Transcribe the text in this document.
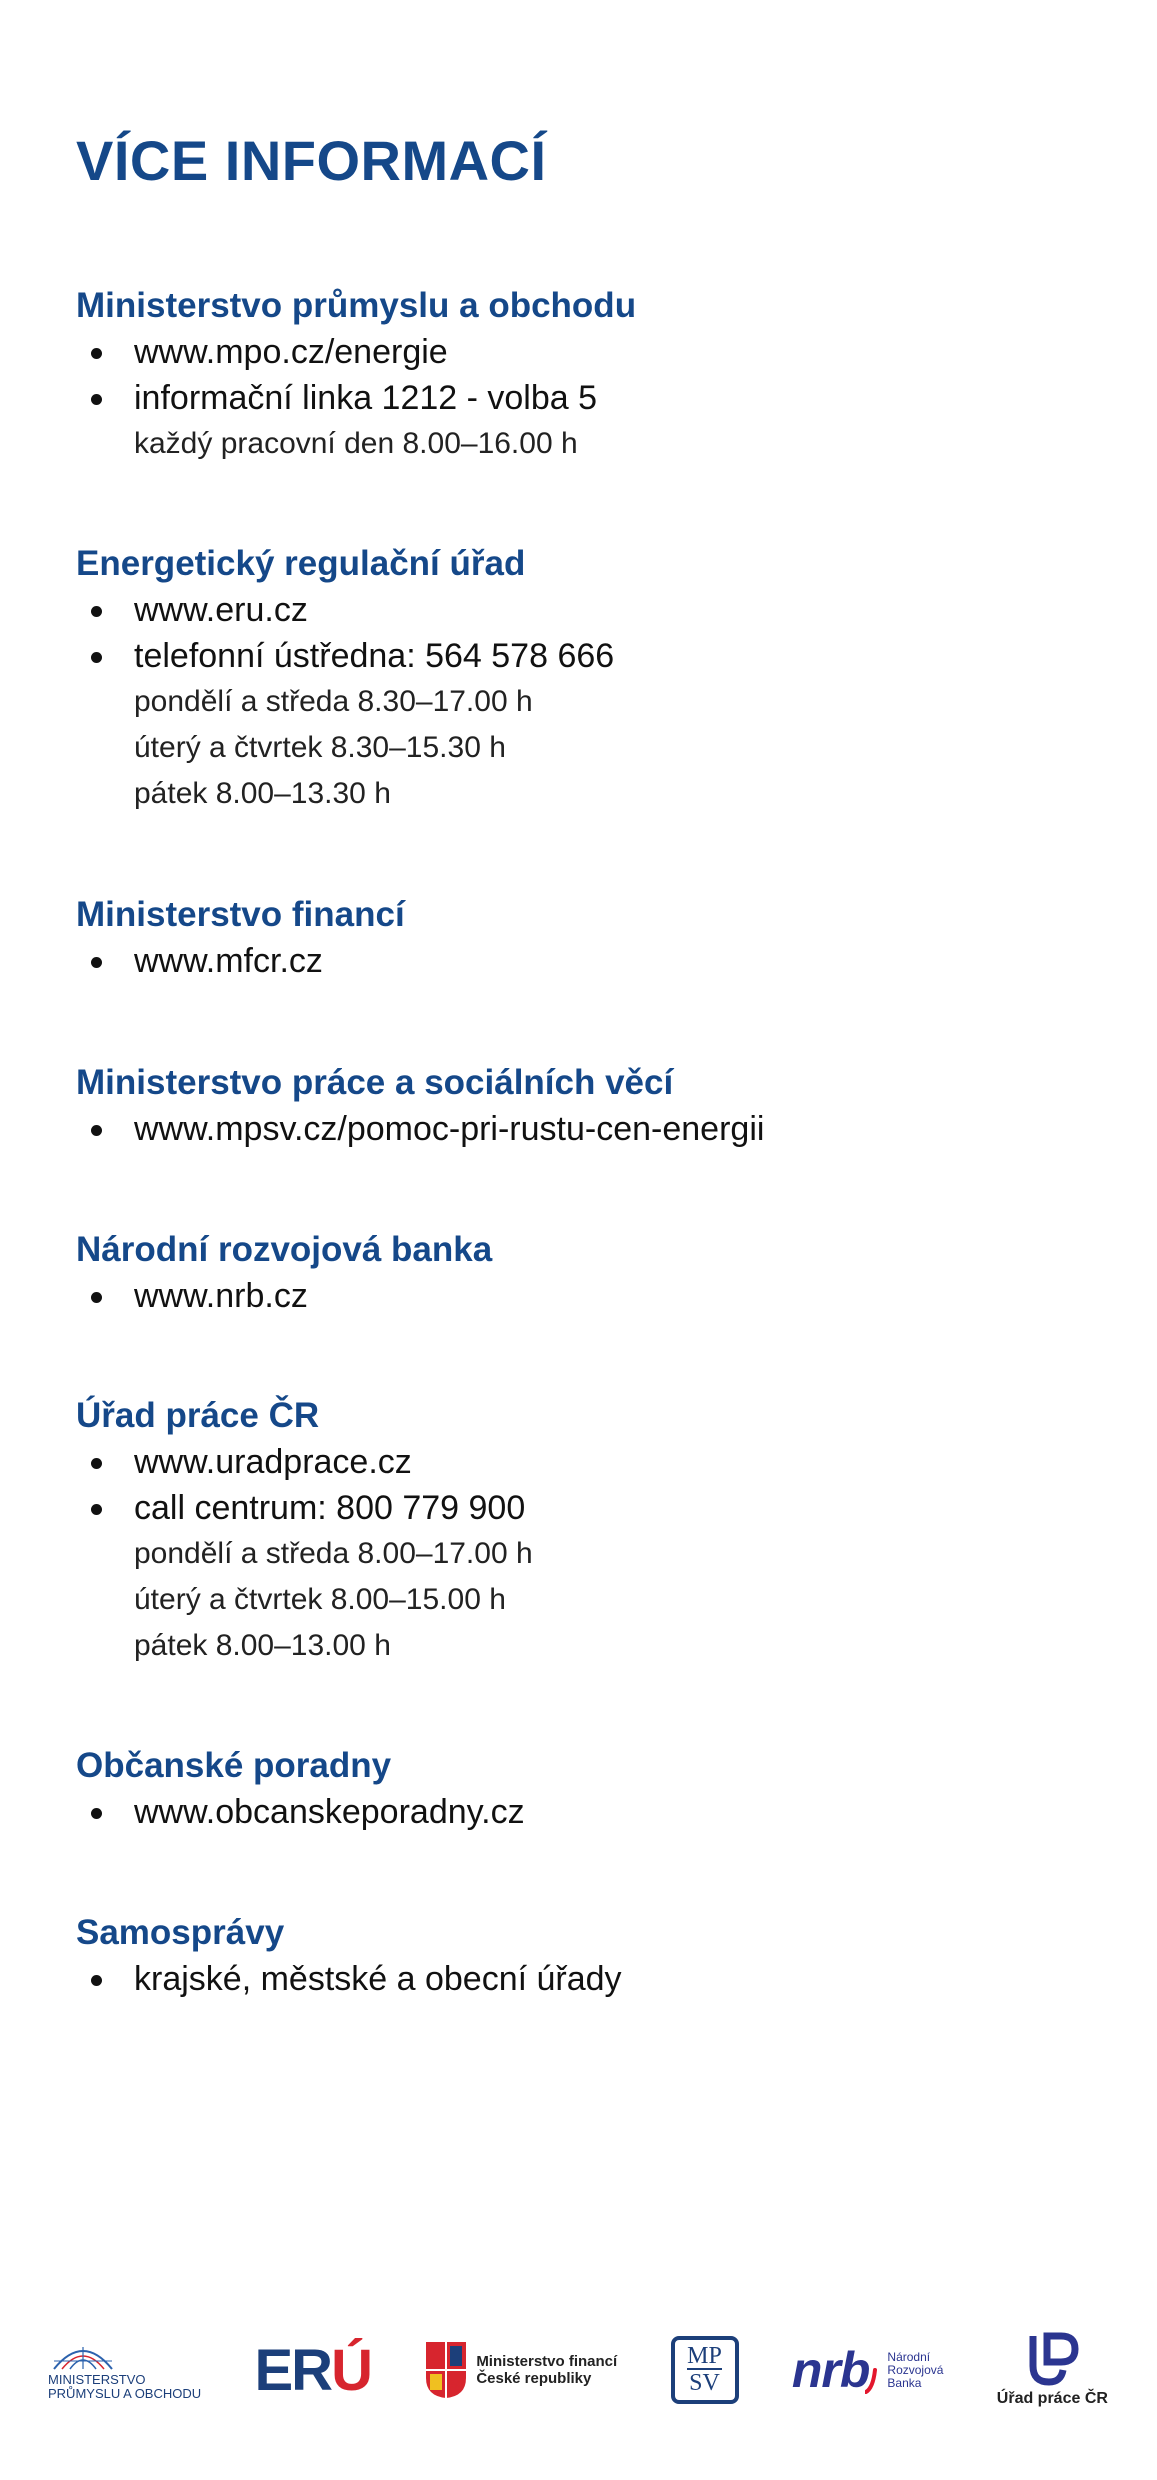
VÍCE INFORMACÍ
Ministerstvo průmyslu a obchodu
www.mpo.cz/energie
informační linka 1212 - volba 5
každý pracovní den 8.00–16.00 h
Energetický regulační úřad
www.eru.cz
telefonní ústředna: 564 578 666
pondělí a středa 8.30–17.00 h
úterý a čtvrtek 8.30–15.30 h
pátek 8.00–13.30 h
Ministerstvo financí
www.mfcr.cz
Ministerstvo práce a sociálních věcí
www.mpsv.cz/pomoc-pri-rustu-cen-energii
Národní rozvojová banka
www.nrb.cz
Úřad práce ČR
www.uradprace.cz
call centrum: 800 779 900
pondělí a středa 8.00–17.00 h
úterý a čtvrtek 8.00–15.00 h
pátek 8.00–13.00 h
Občanské poradny
www.obcanskeporadny.cz
Samosprávy
krajské, městské a obecní úřady
MINISTERSTVO
PRŮMYSLU A OBCHODU ERÚ	Ministerstvo financí
České republiky
MP
SV nrb Národní
Rozvojová
Banka
Úřad práce ČR
